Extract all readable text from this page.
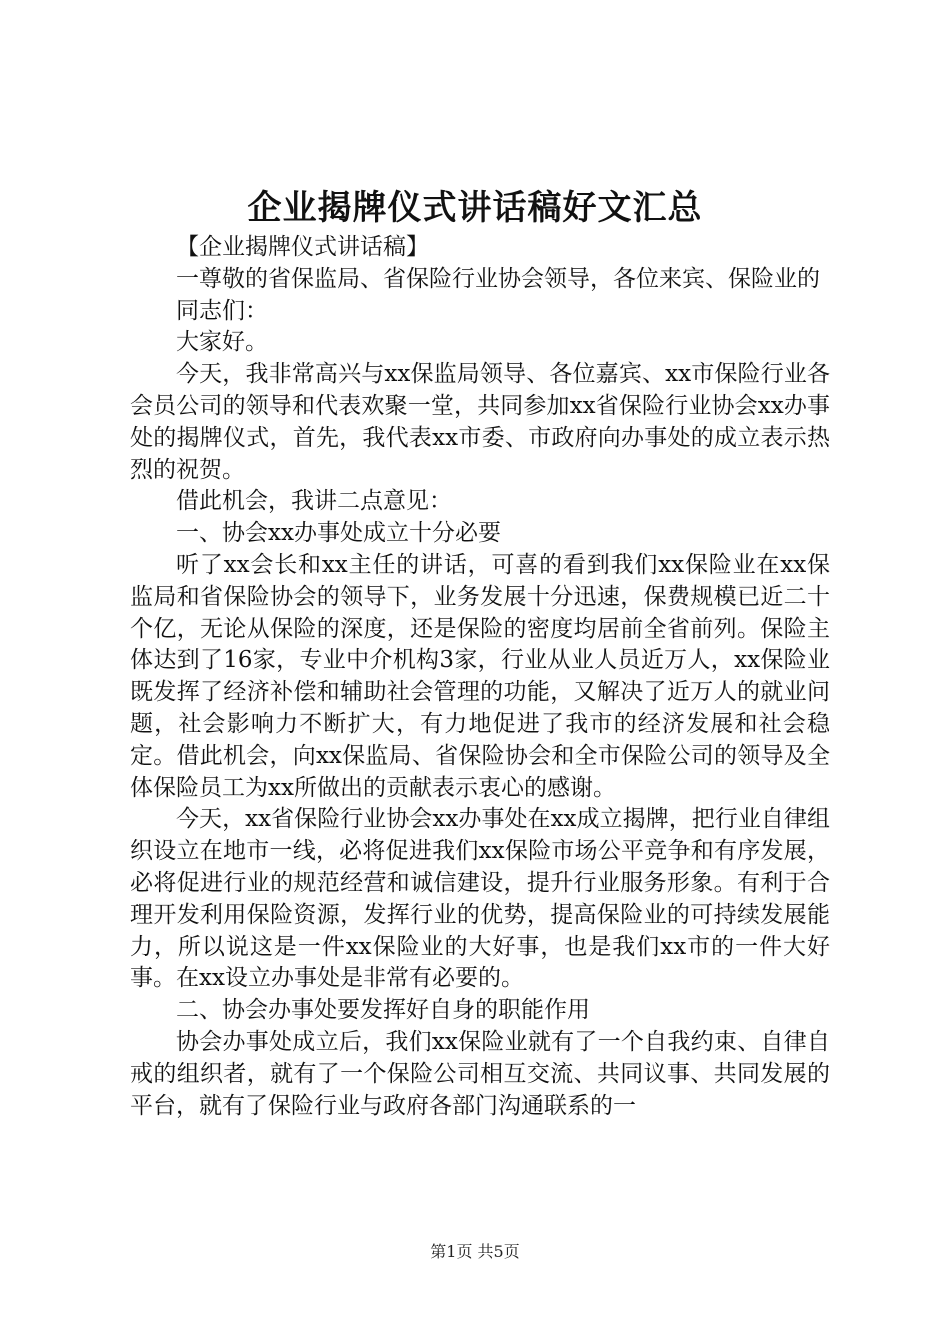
企业揭牌仪式讲话稿好文汇总

【企业揭牌仪式讲话稿】

一尊敬的省保监局、省保险行业协会领导，各位来宾、保险业的

同志们：

大家好。

今天，我非常高兴与xx保监局领导、各位嘉宾、xx市保险行业各会员公司的领导和代表欢聚一堂，共同参加xx省保险行业协会xx办事处的揭牌仪式，首先，我代表xx市委、市政府向办事处的成立表示热烈的祝贺。

借此机会，我讲二点意见：

一、协会xx办事处成立十分必要

听了xx会长和xx主任的讲话，可喜的看到我们xx保险业在xx保监局和省保险协会的领导下，业务发展十分迅速，保费规模已近二十个亿，无论从保险的深度，还是保险的密度均居前全省前列。保险主体达到了16家，专业中介机构3家，行业从业人员近万人，xx保险业既发挥了经济补偿和辅助社会管理的功能，又解决了近万人的就业问题，社会影响力不断扩大，有力地促进了我市的经济发展和社会稳定。借此机会，向xx保监局、省保险协会和全市保险公司的领导及全体保险员工为xx所做出的贡献表示衷心的感谢。

今天，xx省保险行业协会xx办事处在xx成立揭牌，把行业自律组织设立在地市一线，必将促进我们xx保险市场公平竞争和有序发展，必将促进行业的规范经营和诚信建设，提升行业服务形象。有利于合理开发利用保险资源，发挥行业的优势，提高保险业的可持续发展能力，所以说这是一件xx保险业的大好事，也是我们xx市的一件大好事。在xx设立办事处是非常有必要的。

二、协会办事处要发挥好自身的职能作用

协会办事处成立后，我们xx保险业就有了一个自我约束、自律自戒的组织者，就有了一个保险公司相互交流、共同议事、共同发展的平台，就有了保险行业与政府各部门沟通联系的一

第1页 共5页
